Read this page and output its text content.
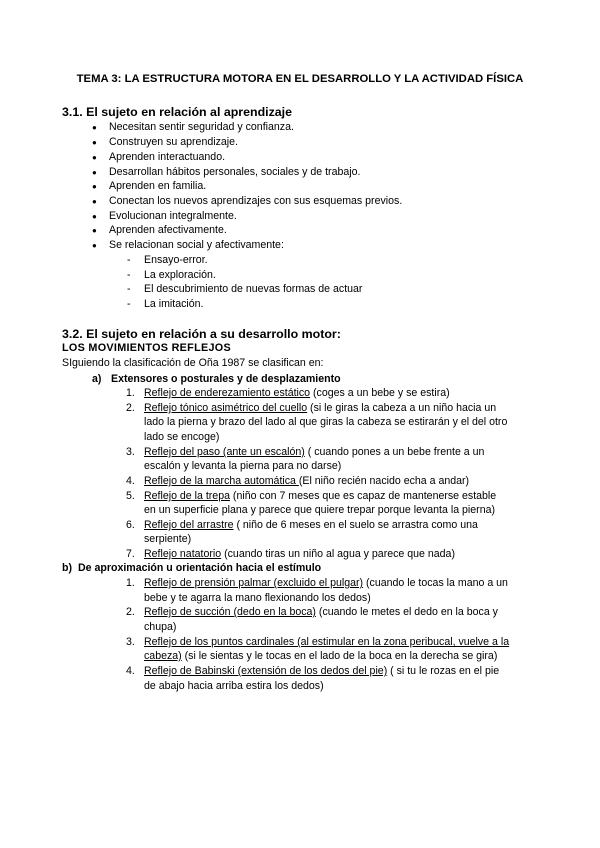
TEMA 3: LA ESTRUCTURA MOTORA EN EL DESARROLLO Y LA ACTIVIDAD FÍSICA
3.1. El sujeto en relación al aprendizaje
● Necesitan sentir seguridad y confianza.
● Construyen su aprendizaje.
● Aprenden interactuando.
● Desarrollan hábitos personales, sociales y de trabajo.
● Aprenden en familia.
● Conectan los nuevos aprendizajes con sus esquemas previos.
● Evolucionan integralmente.
● Aprenden afectivamente.
● Se relacionan social y afectivamente:
- Ensayo-error.
- La exploración.
- El descubrimiento de nuevas formas de actuar
- La imitación.
3.2. El sujeto en relación a su desarrollo motor:
LOS MOVIMIENTOS REFLEJOS
SIguiendo la clasificación de Oña 1987 se clasifican en:
a) Extensores o posturales y de desplazamiento
1. Reflejo de enderezamiento estático (coges a un bebe y se estira)
2. Reflejo tónico asimétrico del cuello (si le giras la cabeza a un niño hacia un
lado la pierna y brazo del lado al que giras la cabeza se estirarán y el del otro
lado se encoge)
3. Reflejo del paso (ante un escalón) ( cuando pones a un bebe frente a un
escalón y levanta la pierna para no darse)
4. Reflejo de la marcha automática (El niño recién nacido echa a andar)
5. Reflejo de la trepa (niño con 7 meses que es capaz de mantenerse estable
en un superficie plana y parece que quiere trepar porque levanta la pierna)
6. Reflejo del arrastre ( niño de 6 meses en el suelo se arrastra como una
serpiente)
7. Reflejo natatorio (cuando tiras un niño al agua y parece que nada)
b) De aproximación u orientación hacia el estímulo
1. Reflejo de prensión palmar (excluido el pulgar) (cuando le tocas la mano a un
bebe y te agarra la mano flexionando los dedos)
2. Reflejo de succión (dedo en la boca) (cuando le metes el dedo en la boca y
chupa)
3. Reflejo de los puntos cardinales (al estimular en la zona peribucal, vuelve a la
cabeza) (si le sientas y le tocas en el lado de la boca en la derecha se gira)
4. Reflejo de Babinski (extensión de los dedos del pie) ( si tu le rozas en el pie
de abajo hacia arriba estira los dedos)
